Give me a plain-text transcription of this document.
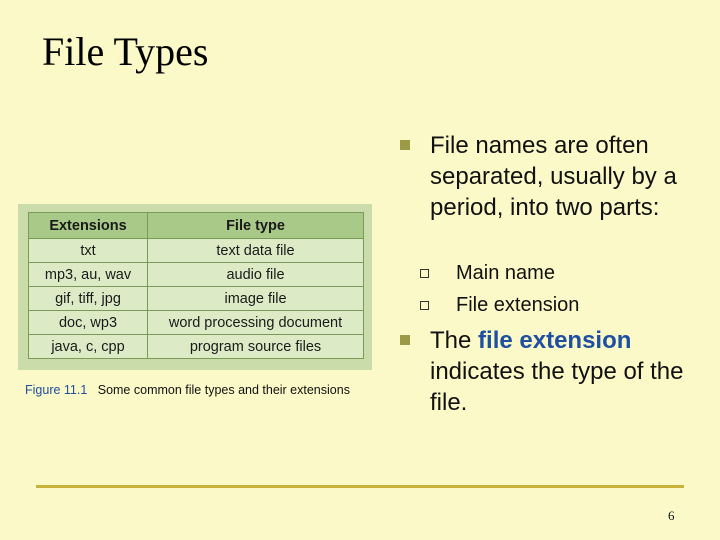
File Types
Extensions	File type
txt	text data file
mp3, au, wav	audio file
gif, tiff, jpg	image file
doc, wp3	word processing document
java, c, cpp	program source files
Figure 11.1 Some common file types and their extensions
File names are often separated, usually by a period, into two parts:
Main name
File extension
The file extension indicates the type of the file.
6
